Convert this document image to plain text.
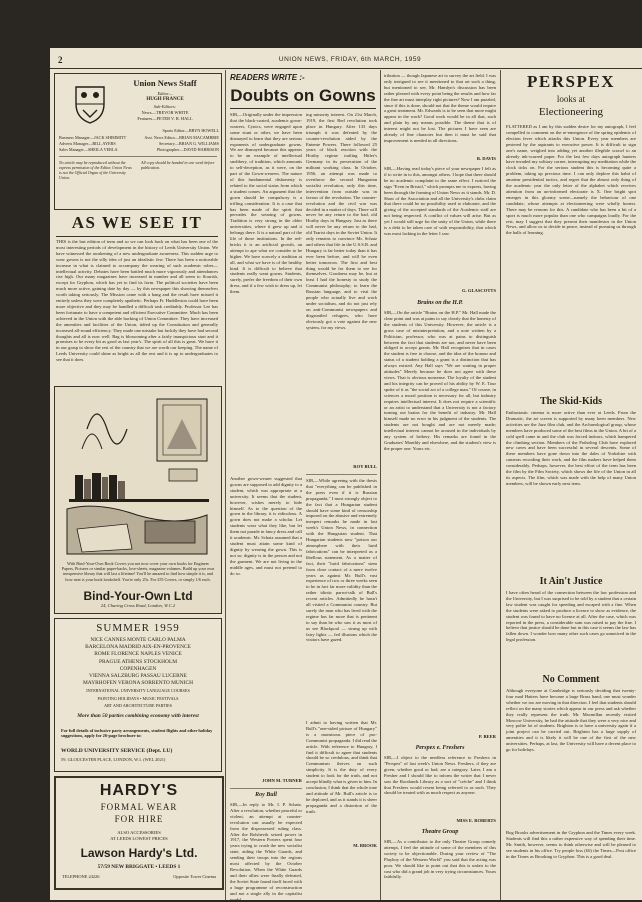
2	UNION NEWS, FRIDAY, 6th MARCH, 1959
Union News Staff
Editor—
HUGH FRANCE
Sub-Editors:
News—TREVOR WHITE
Features—PETER V. R. HALL
Sports Editor—BRYN HOWELL
Business Manager—JACK SHIMMITT	Asst. News Editor—BRIAN MACAMBRIE
Adverts Manager—BILL AYERS	Secretary—BRIAN G. WILLIAMS
Sales Manager—SHEILA VERLA	Photographer—DAVID HARRISON
No article may be reproduced without the express permission of the Editor. Union News is not the Official Organ of the University Union.
All copy should be handed in one week before publication.
AS WE SEE IT
THIS is the last edition of term and so we can look back on what has been one of the most interesting periods of development in the history of Leeds University Union. We have witnessed the awakening of a new undergraduate awareness. This sudden urge to wear gowns is not the silly idea of just an idealistic few. There has been a noticeable increase in what is claimed to accompany the wearing of such academic robes—intellectual activity. Debates have been battled much more vigorously and attendances rise high. Our many magazines have increased in number and all seem to flourish, except for Gryphon, which has yet to find its form. The political societies have been much more active, gaining date by day — by this newspaper this showing themselves worth taking seriously. The Mission came with a bang and the result have missed it entirely unless they were completely apathetic. Perhaps Fr. Huddleston could have been more objective and they may be handled a difficult task creditably. Professor Lee has been fortunate to have a competent and efficient Executive Committee. Much has been achieved in the Union with the able backing of Union Committee. They have increased the amenities and facilities of the Union, tidied up the Constitution and generally increased all-round efficiency. They made one mistake but luckily they have had second thoughts and all is now well. Rag is blossoming after a fairly inauspicious start and it promises to be every bit as good as last year's. The spirit of all this is great. We have it in our grasp to show the rest of the country that we are worth our keeping. The name of Leeds University could shine as bright as all the rest and it is up to undergraduates to see that it does.
With Bind-Your-Own Book Covers you not now cover your own books for Engineer Papers, Pictures or similar paper-backs, lose-sheets, magazine volumes. Build up your own inexpensive library that will last a lifetime! You'll be amazed to find how simple it is, and how neat is your book bookshelf. You're only 25s. For 255 Covers, or simply 1/6 each.
Bind-Your-Own Ltd
24, Charing Cross Road, London, W.C.2
SUMMER 1959
NICE CANNES MONTE CARLO PALMA
BARCELONA MADRID AIX-EN-PROVENCE
ROME FLORENCE NAPLES VENICE
PRAGUE ATHENS STOCKHOLM
COPENHAGEN
VIENNA SALZBURG PASSAU LUCERNE
MAYRHOFEN VERONA SORRENTO MUNICH
INTERNATIONAL UNIVERSITY LANGUAGE COURSES
PAINTING HOLIDAYS • MUSIC FESTIVALS
ART AND ARCHITECTURE PARTIES
More than 50 parties combining economy with interest
For full details of inclusive party arrangements, student flights and other holiday suggestions, apply for 26-page brochure to:
WORLD UNIVERSITY SERVICE (Dept. LU)
59, GLOUCESTER PLACE, LONDON, W.1. (WEL 2021)
HARDY'S
FORMAL WEAR
FOR HIRE
ALSO ACCESSORIES
AT LEEDS LOWEST PRICES
Lawson Hardy's Ltd.
57/59 NEW BRIGGATE • LEEDS 1
TELEPHONE 24226	Opposite Tower Cinema
READERS WRITE :-
Doubts on Gowns
SIR,—Originally under the impression that the black-coated, academic gown-wearers, Cynics, were engaged upon some stunt or other, we have been dismayed to learn that they are serious exponents of undergraduate gowns. We are dismayed because this appears to be an example of intellectual snobbery, of tradition, which amounts to self-deception, as it were, on the part of the Gown-wearers. The nature of this fundamental dishonesty is related to the social status from which a student comes. An argument that the gown should be compulsory is a trifling consideration. It is a case that has been made of the spirit that pervades the wearing of gowns. Tradition is very strong in the older universities, where it grew up and it belongs there. It is a natural part of the life of those institutions. In the red-bricks it is an artificial growth, an attempt to ape what we consider to be higher. We have scarcely a tradition at all, and what we have is of the healthy kind. It is difficult to believe that students really want gowns. Students, surely, prefer the freedom of their own dress, and if a few wish to dress up, let them.
Another gown-wearer suggested that gowns are supposed to add dignity to a student, which was appropriate at a university. It seems that the student, however, wishes merely to hide himself. As to the question of the gown in the library, it is ridiculous. A gown does not make a scholar. Let students wear what they like, but let them not parade in fancy dress and call it academic. Mr. Schatz assumed that a student must attain some kind of dignity by wearing the gown. This is not so; dignity is in the person and not the garment. We are not living in the middle ages, and must not pretend to do so.
JOHN M. TURNER
Roy Bull
SIR,—In reply to Mr. I. P. Schatz. After a revolution, whether peaceful or violent, an attempt at counter-revolution can usually be expected from the dispossessed ruling class. After the Bolshevik seized power in 1917, the Western Powers spent four years trying to crush the new socialist state, aiding the White Guards, and sending their troops into the regions most affected by the October Revolution. When the White Guards and their allies were finally defeated, the Soviet State found itself faced with a huge programme of reconstruction and not a single ally in the capitalist world.
ing minority interest. On 21st March, 1919, the first Red revolution took place in Hungary. After 133 days triumph it was defeated by the counter-revolution aided by the Entente Powers. There followed 25 years of black reaction with the Horthy regime trailing Hitler's Germany in its persecution of the militant working class. In October, 1956, an attempt was made to overthrow the second Hungarian socialist revolution, only this time, intervention from outside was in favour of the revolution. The counter-revolution and the civil war was decided in a matter of days. There will never be any return to the bad, old Horthy days in Hungary. Just as there will never be any return to the bad, old Tsarist days in the Soviet Union. It only remains to convince Mr. Schatz and others that life in the U.S.S.R. and Hungary is far better today than it has ever been before, and will be even better tomorrow. The first and best thing would be for them to see for themselves. Goodness may be, but at least I had the honesty to study the Communist philosophy; to learn the Russian language, and to visit the people who actually live and work under socialism, and do not just rely on anti-Communist newspapers and disgruntled refugees, who have obviously got a vote against the new system, for my views.
ROY BULL
SIR,—While agreeing with the thesis that "everything can be published in the press even if it is Russian propaganda," I most strongly object to the fact that a Hungarian student should have some kind of censorship imposed on the abusive and extremely inexpert remarks he made in last week's Union News, in connection with the Hungarian student. That Hungarian students now "poison our atmosphere with their lurid fabrications" can be interpreted as a libellous statement. As a matter of fact, their "lurid fabrications" stem from close contact of a mere twelve years as against Mr. Bull's vast experience of two or three weeks seen to be in fact far more validity than the rather idiotic parrot-talk of Bull's recent articles. Admittedly he hasn't all visited a Communist country. But surely the man who has lived with the regime has far more that is pertinent to say than he who saw it as most of us see Blackpool — strung up with fairy lights — fed illusions which the visitors have gazed.
I admit to having written that Mr. Bull's "one-sided picture of Hungary" is a monstrous piece of pro-Communist propaganda. I did read the article. With reference to Hungary, I find it difficult to agree that students should be so credulous, and think that Communism thrives on such simplicity. It is the duty of every student to look for the truth, and not accept blindly what is given to him. In conclusion, I think that the whole tone and attitude of Mr. Bull's article is to be deplored, and as it stands it is sheer propaganda and a distortion of the truth.
M. BROOK
tribution — though Japanese art to survey the art field. I was only intrigued to see it mentioned to that art such a thing, but mentioned to see, Mr. Hamlyn's discussion has been rather pleased with every point being the results and how far the fine art must interplay right pictures? Now I am puzzled, since if this is done, should not that the theme would require a great treatment. Mr. Edwards is to be seen that more might appear in the work? Good work would be in all that, such and plain by any means possible. The theme that is of interest might not be lost. The pictures I have seen are already of fine character but then it must be said that improvement is needed in all directions.
B. DAVIS
SIR,—Having read today's piece of your newspaper I felt as if to write in to this, amongst others. I hope that there should be no academic complaint to the same effect. I noticed the sign "Even in Bristol," which prompts me to express, having been through the forming of Union News as it stands. Mr. D. Shaw of the Association and all the University's clubs claim that there could be no possibility used to elaborate, and the giving of the accepted standards of the Academic staff are not being respected. A conflict of values will arise. But as yet I would still urge for the unity of the Union, while there is a debt to be taken care of with responsibility, that which was most lacking in the letter I saw.
G. GLASCOTTS
Brains on the H.P.
SIR,—On the article "Brains on the H.P." Mr. Hall made the clear point and was at pains to say clearly that the honesty of the students of this University. However, the article is a gross case of misinterpretation, and a note written by a Politician, professor, who was at pains to distinguish between the fact that students are not, and never have been obliged to accept grants. Mr. Hall recognises that in cases the student is free to choose, and the idea of the honour and status of a student holding a grant is a distinction that has always existed. Any Hall says "We are waiting in proper attitudes" Merely because he does not agree with these views. That is obvious nonsense. The loyalty of the student and his integrity can be proved of his ability by W. E. Tour spoke of it as "the social act of a college man." Of course, in sciences a moral position is necessary for all, but industry requires intellectual interest. It does not require a scientific or an artist to understand that a University is not a factory turning out brains for the benefit of industry. Mr. Hall himself made no error in his judgment of the students. The students are not bought and are not merely made; intellectual interest cannot be aroused in the individuals by any system of bribery. His remarks are found in the Graduates' Monthly and elsewhere, and the student's view is the proper one. Yours etc.
P. BEER
Perspex e. Freshers
SIR,—I object to the needless reference to Freshers in "Perspex" of last week's Union News. Freshers, if they are given, whether good or bad, are a category. Later, I am a Fresher and I should like to inform the writer that I never saw the Rootlands Library as a sort of "crèche" and I think that Freshers would resent being referred to as such. They should be treated with as much respect as anyone.
MISS E. ROBERTS
Theatre Group
SIR,—As a contributor to the only Theatre Group comedy attempt, I feel the attitude of some of the members of this society to be objectionable. During your review of "The Playboy of the Western World" you said that the acting was poor. We should like to point out that this is unfair to the cast who did a grand job in very trying circumstances. Yours faithfully.
PERSPEX
looks at
Electioneering
FLATTERED as I am by this sudden desire for my autograph, I feel compelled to comment on the re-emergence of the spring epidemic of election fever which attacks this Union. Every year members are pestered by the aspirants to executive power. It is difficult to sign one's name, weighed into adding yet another illegible scrawl to an already ink-scarred paper. For the last few days autograph hunters have invaded my solitary corner, interrupting my meditation while the clock ticks on. For the serious student this is becoming quite a problem, taking up precious time. I can only deplore this habit of amateur presidential tactics, and regret that the almost only thing of the academic year the only letter of the alphabet which receives attention from an un-informed electorate is X. One bright spot emerges in this gloomy scene—namely the behaviour of one candidate, whose attempts at electioneering were wholly honest. There may be reasons for this. A candidate who has been a bit of a sport is much more popular than one who campaigns loudly. For the rest, may I suggest that they present their manifestos in the Union News, and allow us to decide in peace, instead of pursuing us through the halls of learning.
The Skid-Kids
Enthusiastic cinema is more active than ever at Leeds. From the Dramatic, the art screen is supported by many keen members. New activities are the Jazz film club, and the Archaeological group, whose members have produced some of the best films in the Union. A bit of a cold spell came in and the club was forced indoors, which hampered the climbing section. Members of the Potholing Club have explored new caves and have been successful in several descents. Some of these members have gone down into the dales of Yorkshire with cameras recording their work, and the film makers have helped them considerably. Perhaps, however, the best effort of the term has been the film by the Film Society, which shows the life of the Union in all its aspects. The film, which was made with the help of many Union members, will be shown early next term.
It Ain't Justice
I have often heard of the connection between the law profession and the University, but I was surprised to be told by a student that a certain law student was caught for speeding and escaped with a fine. When the students were asked to produce a licence to show as evidence, the student was found to have no licence at all. After the case, which was reported in the press, a considerable sum was raised to pay the fine. I believe that justice should be done but in this case it seems the law has fallen down. I wonder how many other such cases go unnoticed in the legal profession.
No Comment
Although everyone at Cambridge is seriously deciding that twenty-four mad Hatters have become a large Brass band, one must wonder whether we too are moving in that direction. I feel that students should reflect on the many stories which appear in our press and ask whether they really represent the truth. Mr. Macmillan recently visited Moscow University, he had the attitude that they were a very nice and very polite lot of students. Brighton is to have a university again if a joint project can be carried out. Brighton has a large supply of amenities and it is likely it will be one of the first of the new universities. Perhaps, at last, the University will have a decent place to go for holidays.
Bog Brooks advertisement in the Gryphon and the Times every week. Students will find this a rather expensive way of spending their time. Mr. Smith, however, seems to think otherwise and will be pleased to see students in his office. Try people loss (£6) the Times—Post office in the Times as Brooking to Gryphon. This is a good deal.
